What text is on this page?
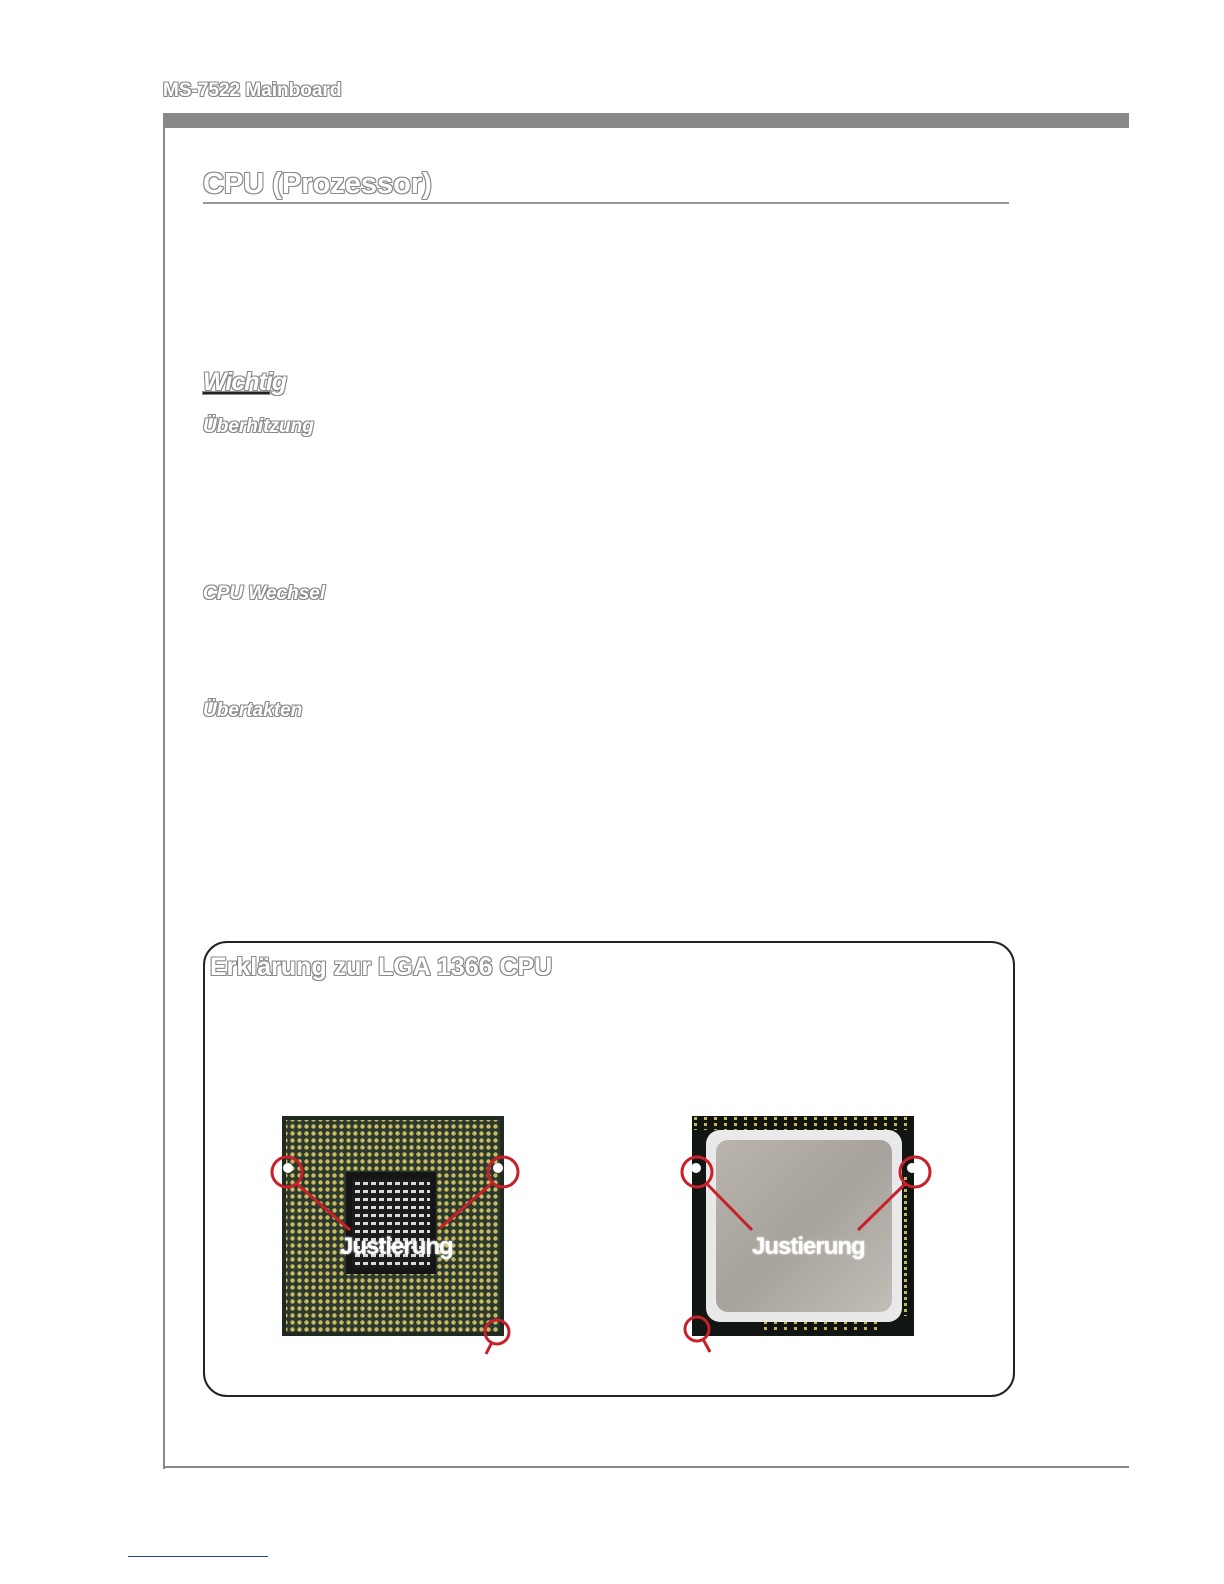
MS-7522 Mainboard
CPU (Prozessor)
Wichtig
Überhitzung
CPU Wechsel
Übertakten
Erklärung zur LGA 1366 CPU
Justierung	Justierung
